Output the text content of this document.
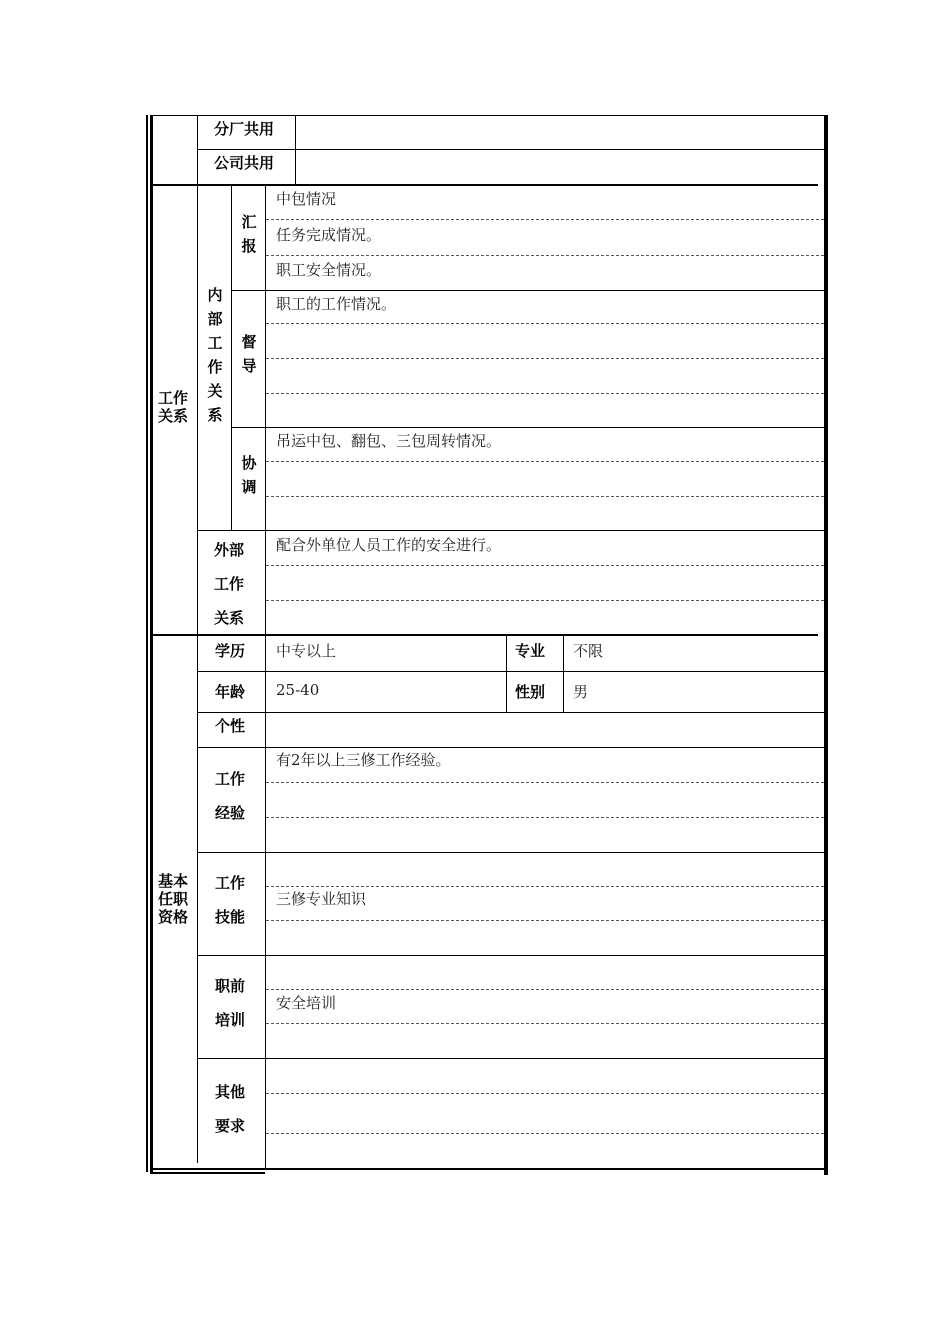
分厂共用
公司共用
工作关系
内部工作关系
汇报
中包情况
任务完成情况。
职工安全情况。
督导
职工的工作情况。
协调
吊运中包、翻包、三包周转情况。
外部工作关系
配合外单位人员工作的安全进行。
基本任职资格
学历 中专以上	专业 不限
年龄 25-40	性别 男
个性
工作经验
有2年以上三修工作经验。
工作技能
三修专业知识
职前培训
安全培训
其他要求
